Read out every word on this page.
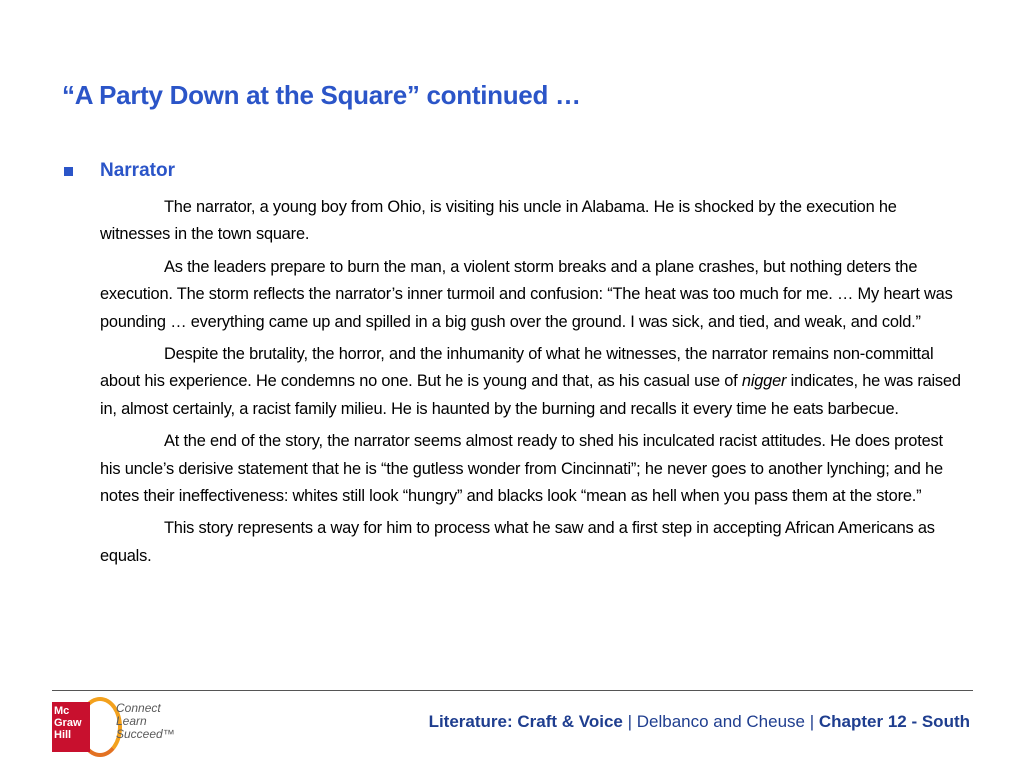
“A Party Down at the Square” continued …
Narrator

The narrator, a young boy from Ohio, is visiting his uncle in Alabama. He is shocked by the execution he witnesses in the town square.

As the leaders prepare to burn the man, a violent storm breaks and a plane crashes, but nothing deters the execution. The storm reflects the narrator’s inner turmoil and confusion: “The heat was too much for me. … My heart was pounding … everything came up and spilled in a big gush over the ground. I was sick, and tied, and weak, and cold.”

Despite the brutality, the horror, and the inhumanity of what he witnesses, the narrator remains non-committal about his experience. He condemns no one. But he is young and that, as his casual use of nigger indicates, he was raised in, almost certainly, a racist family milieu. He is haunted by the burning and recalls it every time he eats barbecue.

At the end of the story, the narrator seems almost ready to shed his inculcated racist attitudes. He does protest his uncle’s derisive statement that he is “the gutless wonder from Cincinnati”; he never goes to another lynching; and he notes their ineffectiveness: whites still look “hungry” and blacks look “mean as hell when you pass them at the store.”

This story represents a way for him to process what he saw and a first step in accepting African Americans as equals.

Mc
Graw
Hill
Connect
Learn
Succeed™
Literature: Craft & Voice | Delbanco and Cheuse | Chapter 12 - South
